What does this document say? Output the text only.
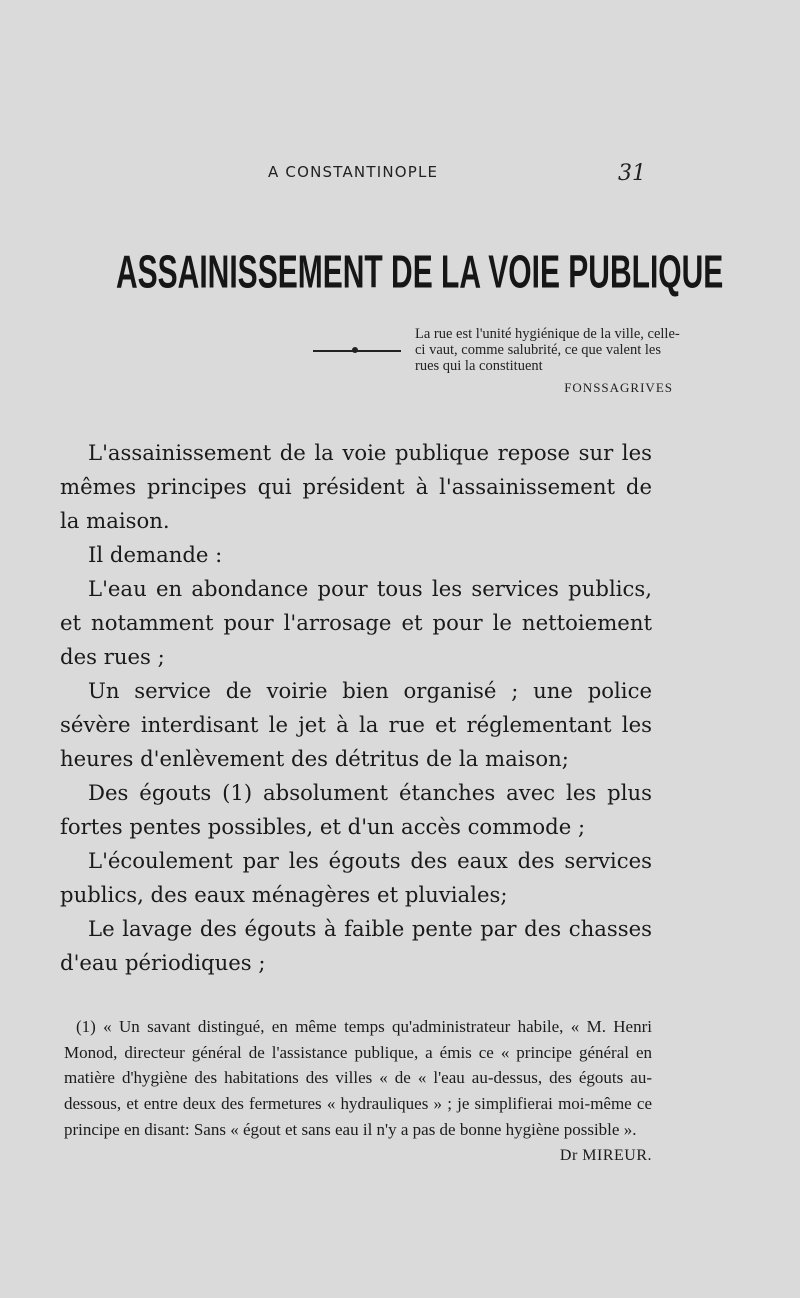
A CONSTANTINOPLE	31
ASSAINISSEMENT DE LA VOIE PUBLIQUE

La rue est l'unité hygiénique de la ville, celle-ci vaut, comme salubrité, ce que valent les rues qui la constituent

FONSSAGRIVES

L'assainissement de la voie publique repose sur les mêmes principes qui président à l'assainissement de la maison.

Il demande :

L'eau en abondance pour tous les services publics, et notamment pour l'arrosage et pour le nettoiement des rues ;

Un service de voirie bien organisé ; une police sévère interdisant le jet à la rue et réglementant les heures d'enlèvement des détritus de la maison;

Des égouts (1) absolument étanches avec les plus fortes pentes possibles, et d'un accès commode ;

L'écoulement par les égouts des eaux des services publics, des eaux ménagères et pluviales;

Le lavage des égouts à faible pente par des chasses d'eau périodiques ;

(1) « Un savant distingué, en même temps qu'administrateur habile, « M. Henri Monod, directeur général de l'assistance publique, a émis ce « principe général en matière d'hygiène des habitations des villes « de « l'eau au-dessus, des égouts au-dessous, et entre deux des fermetures « hydrauliques » ; je simplifierai moi-même ce principe en disant: Sans « égout et sans eau il n'y a pas de bonne hygiène possible ».

Dr MIREUR.
